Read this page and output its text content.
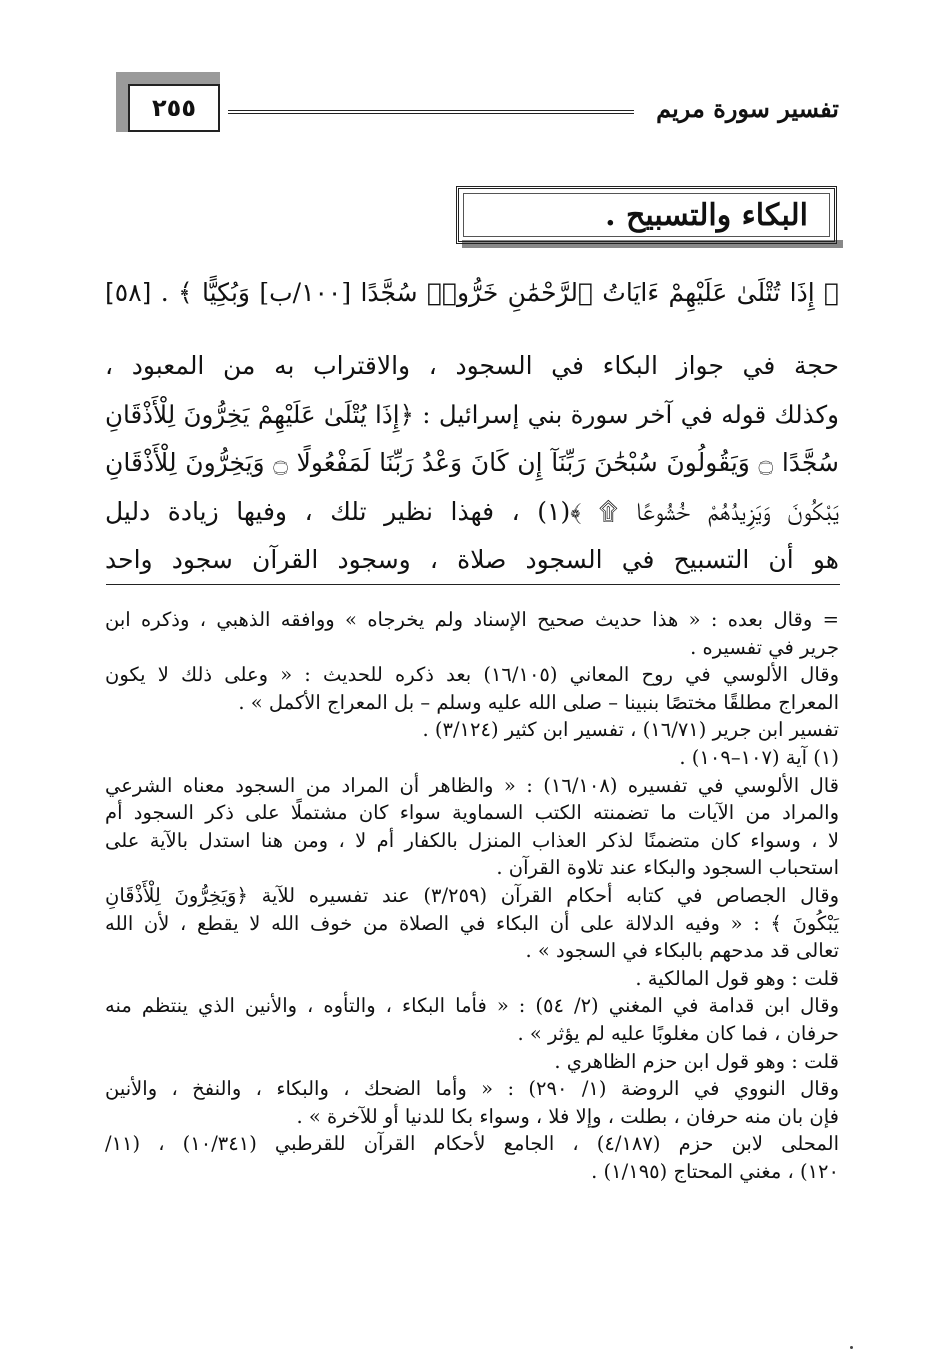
٢٥٥	تفسير سورة مريم
البكاء والتسبيح .
﴿ إِذَا تُتْلَىٰ عَلَيْهِمْ ءَايَاتُ ٱلرَّحْمَٰنِ خَرُّوا۟ سُجَّدًا [١٠٠/ب] وَبُكِيًّا ﴾ . [٥٨]
حجة في جواز البكاء في السجود ، والاقتراب به من المعبود ،
وكذلك قوله في آخر سورة بني إسرائيل : ﴿إِذَا يُتْلَىٰ عَلَيْهِمْ يَخِرُّونَ لِلْأَذْقَانِ
سُجَّدًا ۝ وَيَقُولُونَ سُبْحَٰنَ رَبِّنَآ إِن كَانَ وَعْدُ رَبِّنَا لَمَفْعُولًا ۝ وَيَخِرُّونَ لِلْأَذْقَانِ
يَبْكُونَ وَيَزِيدُهُمْ خُشُوعًا ۩ ﴾(١) ، فهذا نظير تلك ، وفيها زيادة دليل
هو أن التسبيح في السجود صلاة ، وسجود القرآن سجود واحد
= وقال بعده : « هذا حديث صحيح الإسناد ولم يخرجاه » ووافقه الذهبي ، وذكره ابن
جرير في تفسيره .
وقال الألوسي في روح المعاني (١٦/١٠٥) بعد ذكره للحديث : « وعلى ذلك لا يكون
المعراج مطلقًا مختصًا بنبينا – صلى الله عليه وسلم – بل المعراج الأكمل » .
تفسير ابن جرير (١٦/٧١) ، تفسير ابن كثير (٣/١٢٤) .
(١) آية (١٠٧–١٠٩) .
قال الألوسي في تفسيره (١٦/١٠٨) : « والظاهر أن المراد من السجود معناه الشرعي
والمراد من الآيات ما تضمنته الكتب السماوية سواء كان مشتملًا على ذكر السجود أم
لا ، وسواء كان متضمنًا لذكر العذاب المنزل بالكفار أم لا ، ومن هنا استدل بالآية على
استحباب السجود والبكاء عند تلاوة القرآن .
وقال الجصاص في كتابه أحكام القرآن (٣/٢٥٩) عند تفسيره للآية ﴿وَيَخِرُّونَ لِلْأَذْقَانِ
يَبْكُونَ ﴾ : « وفيه الدلالة على أن البكاء في الصلاة من خوف الله لا يقطع ، لأن الله
تعالى قد مدحهم بالبكاء في السجود » .
قلت : وهو قول المالكية .
وقال ابن قدامة في المغني (٢/ ٥٤) : « فأما البكاء ، والتأوه ، والأنين الذي ينتظم منه
حرفان ، فما كان مغلوبًا عليه لم يؤثر » .
قلت : وهو قول ابن حزم الظاهري .
وقال النووي في الروضة (١/ ٢٩٠) : « وأما الضحك ، والبكاء ، والنفخ ، والأنين
فإن بان منه حرفان ، بطلت ، وإلا فلا ، وسواء بكا للدنيا أو للآخرة » .
المحلى لابن حزم (٤/١٨٧) ، الجامع لأحكام القرآن للقرطبي (١٠/٣٤١) ، (١١/
١٢٠) ، مغني المحتاج (١/١٩٥) .
